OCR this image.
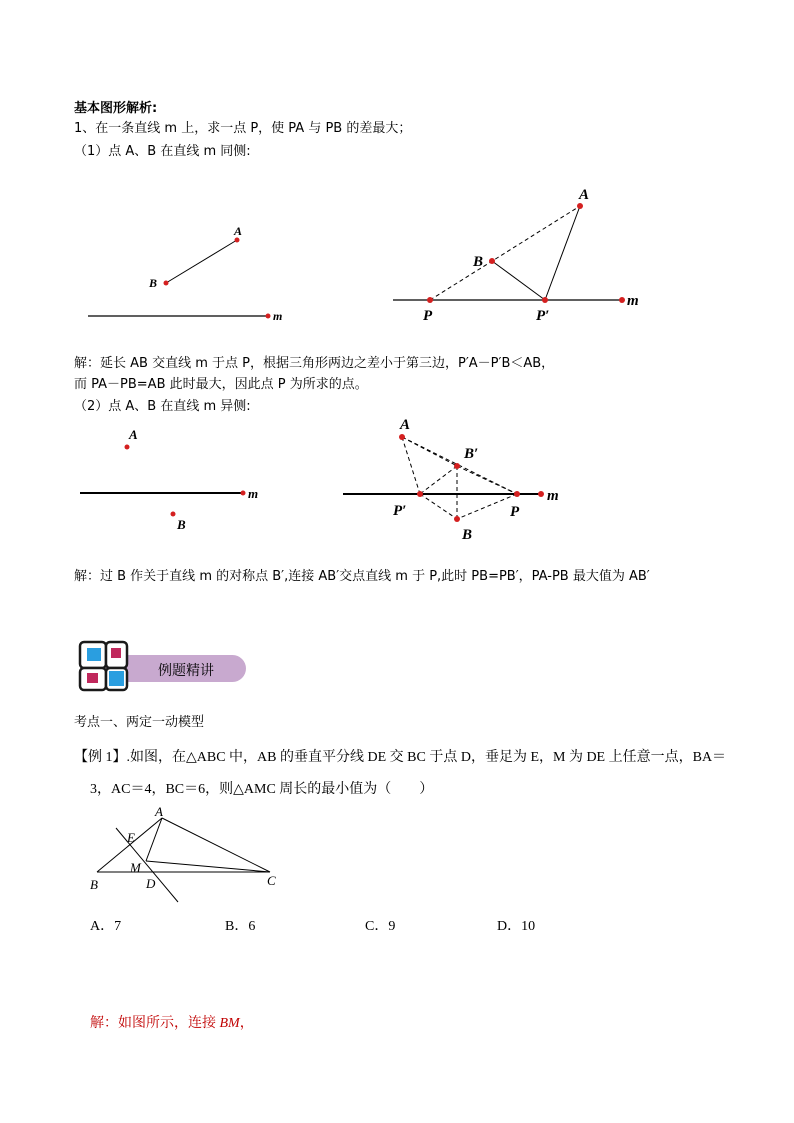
基本图形解析:
1、在一条直线 m 上，求一点 P，使 PA 与 PB 的差最大；
（1）点 A、B 在直线 m 同侧:
A
B
m
A
B
P	P′
m
解：延长 AB 交直线 m 于点 P，根据三角形两边之差小于第三边，P′A－P′B＜AB，
而 PA－PB=AB 此时最大，因此点 P 为所求的点。
（2）点 A、B 在直线 m 异侧:
A
B
m
A
B′
P′	P
m
B
解：过 B 作关于直线 m 的对称点 B′,连接 AB′交点直线 m 于 P,此时 PB=PB′，PA-PB 最大值为 AB′
例题精讲
考点一、两定一动模型
【例 1】.如图，在△ABC 中，AB 的垂直平分线 DE 交 BC 于点 D，垂足为 E，M 为 DE 上任意一点，BA＝
3，AC＝4，BC＝6，则△AMC 周长的最小值为（　　）
A
E
M
B	D	C
A．7	B．6	C．9	D．10
解：如图所示，连接 BM，
